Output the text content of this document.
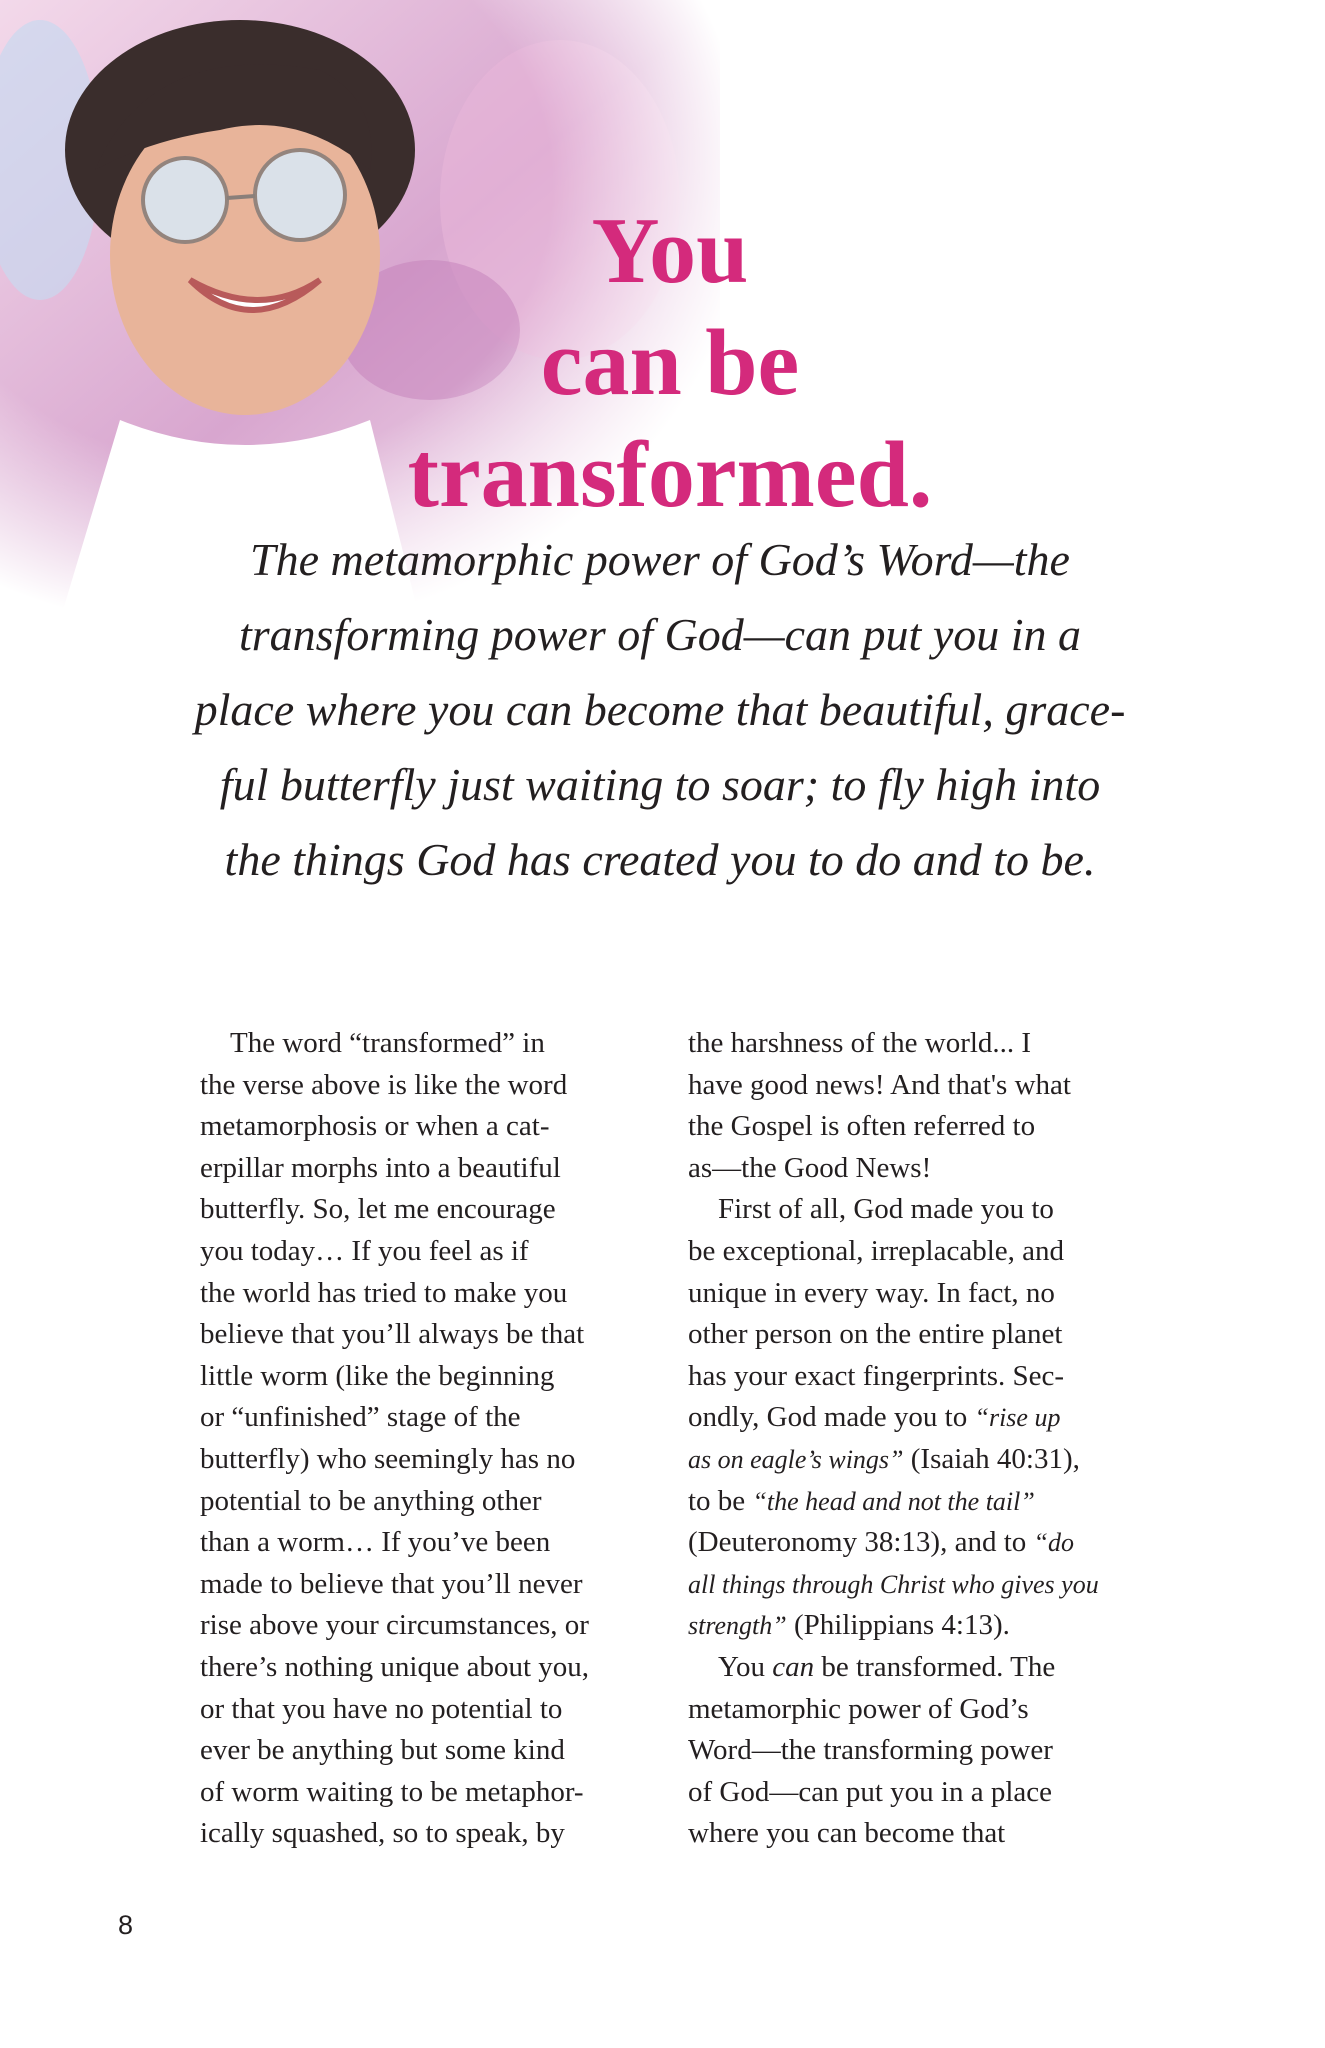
You
can be
transformed.
The metamorphic power of God’s Word—the
transforming power of God—can put you in a
place where you can become that beautiful, grace-
ful butterfly just waiting to soar; to fly high into
the things God has created you to do and to be.
The word “transformed” in
the verse above is like the word
metamorphosis or when a cat-
erpillar morphs into a beautiful
butterfly. So, let me encourage
you today… If you feel as if
the world has tried to make you
believe that you’ll always be that
little worm (like the beginning
or “unfinished” stage of the
butterfly) who seemingly has no
potential to be anything other
than a worm… If you’ve been
made to believe that you’ll never
rise above your circumstances, or
there’s nothing unique about you,
or that you have no potential to
ever be anything but some kind
of worm waiting to be metaphor-
ically squashed, so to speak, by
the harshness of the world... I
have good news! And that's what
the Gospel is often referred to
as—the Good News!
First of all, God made you to
be exceptional, irreplacable, and
unique in every way. In fact, no
other person on the entire planet
has your exact fingerprints. Sec-
ondly, God made you to “rise up
as on eagle’s wings” (Isaiah 40:31),
to be “the head and not the tail”
(Deuteronomy 38:13), and to “do
all things through Christ who gives you
strength” (Philippians 4:13).
You can be transformed. The
metamorphic power of God’s
Word—the transforming power
of God—can put you in a place
where you can become that
8
